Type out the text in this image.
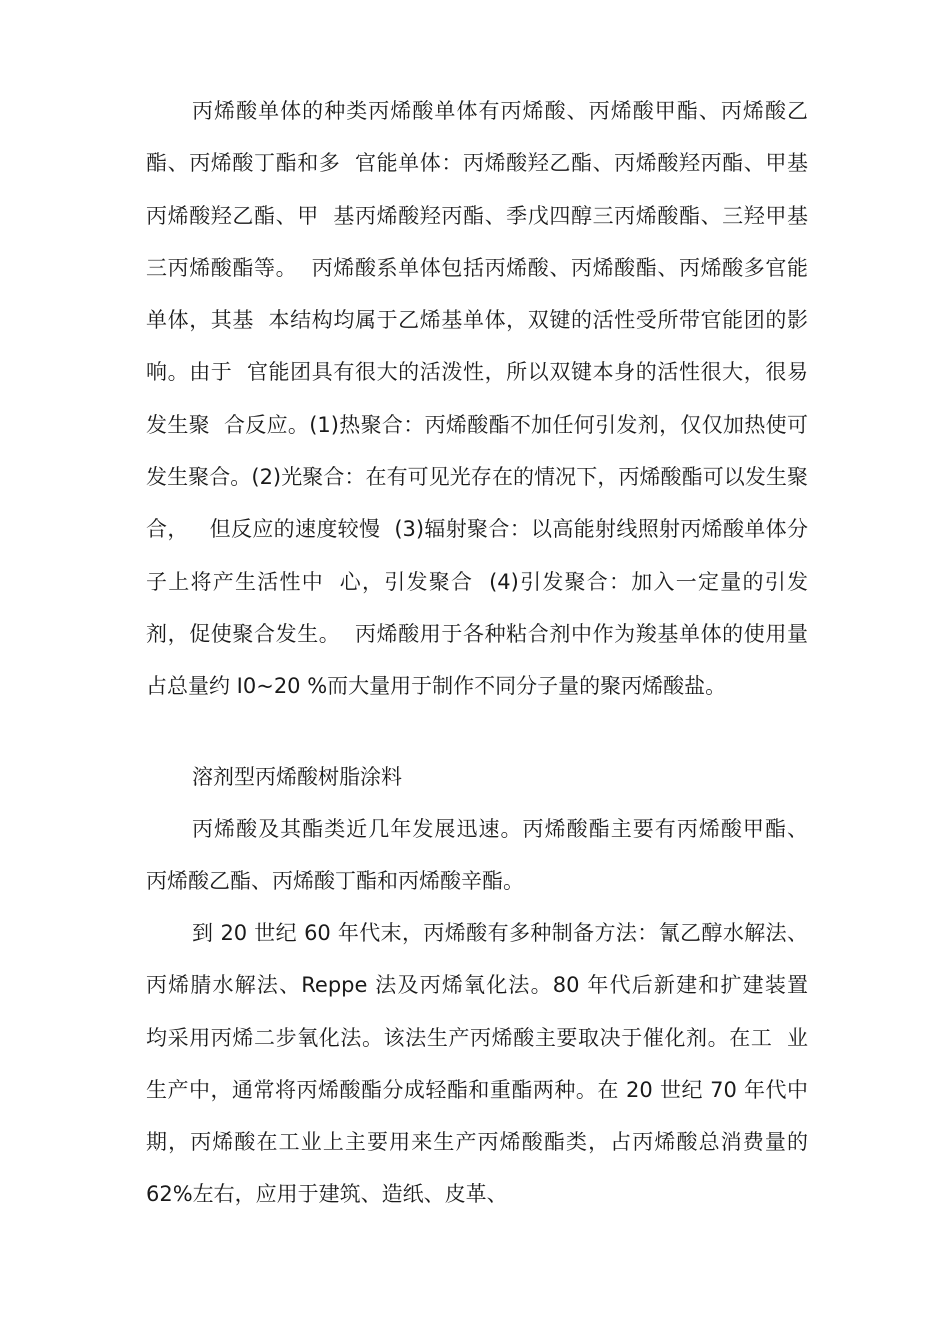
丙烯酸单体的种类丙烯酸单体有丙烯酸、丙烯酸甲酯、丙烯酸乙酯、丙烯酸丁酯和多  官能单体：丙烯酸羟乙酯、丙烯酸羟丙酯、甲基丙烯酸羟乙酯、甲  基丙烯酸羟丙酯、季戊四醇三丙烯酸酯、三羟甲基三丙烯酸酯等。  丙烯酸系单体包括丙烯酸、丙烯酸酯、丙烯酸多官能单体，其基  本结构均属于乙烯基单体，双键的活性受所带官能团的影响。由于  官能团具有很大的活泼性，所以双键本身的活性很大，很易发生聚  合反应。(1)热聚合：丙烯酸酯不加任何引发剂，仅仅加热使可发生聚合。(2)光聚合：在有可见光存在的情况下，丙烯酸酯可以发生聚合，   但反应的速度较慢  (3)辐射聚合：以高能射线照射丙烯酸单体分子上将产生活性中  心，引发聚合  (4)引发聚合：加入一定量的引发剂，促使聚合发生。  丙烯酸用于各种粘合剂中作为羧基单体的使用量占总量约 I0~20 %而大量用于制作不同分子量的聚丙烯酸盐。

溶剂型丙烯酸树脂涂料

丙烯酸及其酯类近几年发展迅速。丙烯酸酯主要有丙烯酸甲酯、  丙烯酸乙酯、丙烯酸丁酯和丙烯酸辛酯。

到 20 世纪 60 年代末，丙烯酸有多种制备方法：氰乙醇水解法、  丙烯腈水解法、Reppe 法及丙烯氧化法。80 年代后新建和扩建装置  均采用丙烯二步氧化法。该法生产丙烯酸主要取决于催化剂。在工  业生产中，通常将丙烯酸酯分成轻酯和重酯两种。在 20 世纪 70 年代中期，丙烯酸在工业上主要用来生产丙烯酸酯类，占丙烯酸总消费量的  62%左右，应用于建筑、造纸、皮革、
